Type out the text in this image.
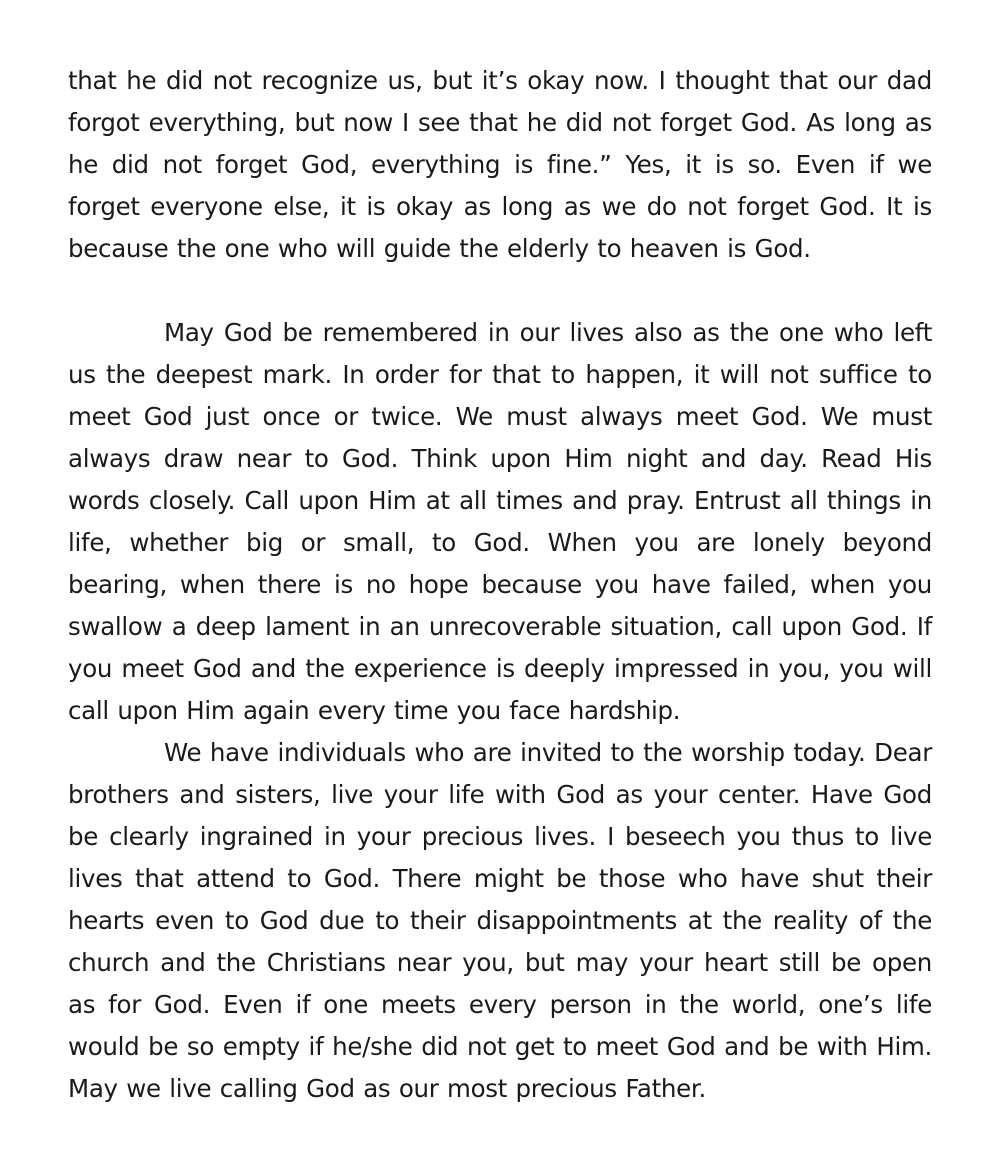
that he did not recognize us, but it’s okay now. I thought that our dad forgot everything, but now I see that he did not forget God. As long as he did not forget God, everything is fine.” Yes, it is so. Even if we forget everyone else, it is okay as long as we do not forget God. It is because the one who will guide the elderly to heaven is God.

May God be remembered in our lives also as the one who left us the deepest mark. In order for that to happen, it will not suffice to meet God just once or twice. We must always meet God. We must always draw near to God. Think upon Him night and day. Read His words closely. Call upon Him at all times and pray. Entrust all things in life, whether big or small, to God. When you are lonely beyond bearing, when there is no hope because you have failed, when you swallow a deep lament in an unrecoverable situation, call upon God. If you meet God and the experience is deeply impressed in you, you will call upon Him again every time you face hardship.

We have individuals who are invited to the worship today. Dear brothers and sisters, live your life with God as your center. Have God be clearly ingrained in your precious lives. I beseech you thus to live lives that attend to God. There might be those who have shut their hearts even to God due to their disappointments at the reality of the church and the Christians near you, but may your heart still be open as for God. Even if one meets every person in the world, one’s life would be so empty if he/she did not get to meet God and be with Him. May we live calling God as our most precious Father.
